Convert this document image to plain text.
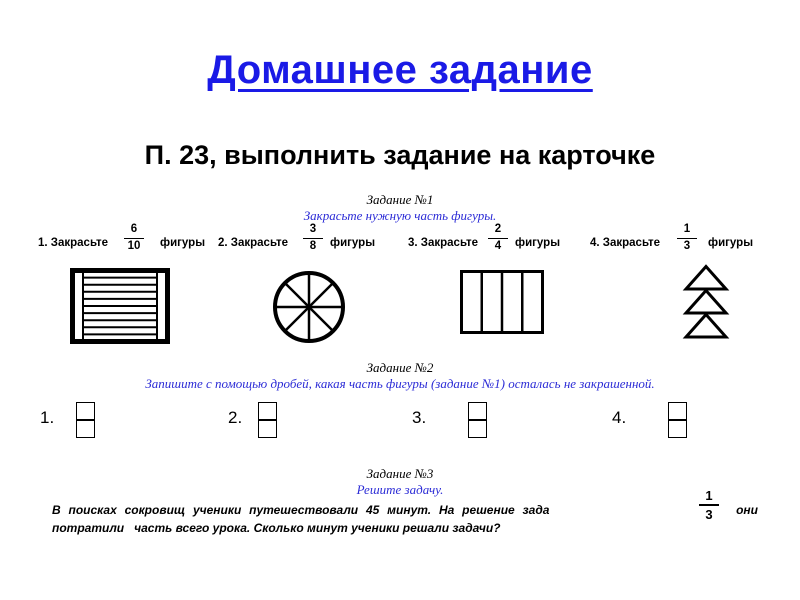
Домашнее задание
П. 23, выполнить задание на карточке
Задание №1
Закрасьте нужную часть фигуры.
1. Закрасьте
6
10	фигуры 2. Закрасьте
3
8	фигуры	3. Закрасьте
2
4	фигуры	4. Закрасьте
1
3	фигуры
Задание №2
Запишите с помощью дробей, какая часть фигуры (задание №1) осталась не закрашенной.
1.	2.	3.	4.
Задание №3
Решите задачу.
В поисках сокровищ ученики путешествовали 45 минут. На решение зада	они
потратили   часть всего урока. Сколько минут ученики решали задачи?
1
3
